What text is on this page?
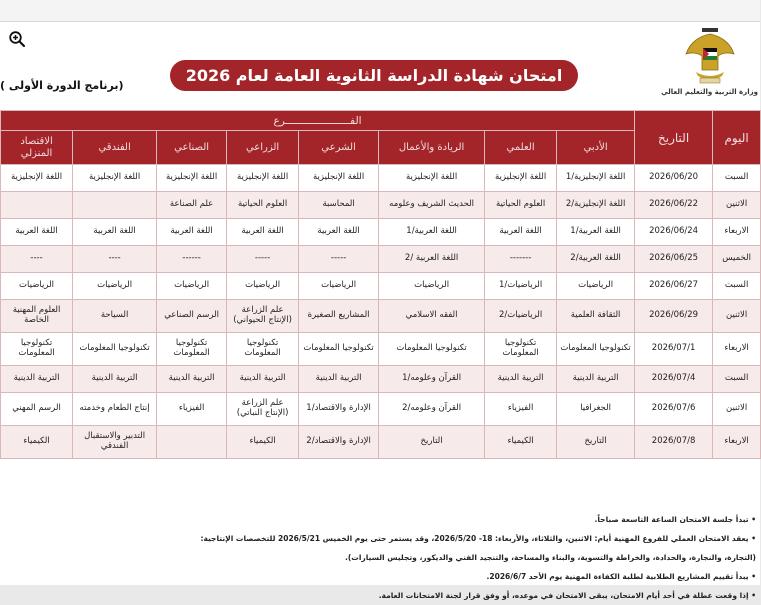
وزارة التربية والتعليم العالي
امتحان شهادة الدراسة الثانوية العامة لعام 2026
(برنامج الدورة الأولى )
اليوم	التاريخ	الفـــــــــــــــــــــرع							
		الأدبي	العلمي	الريادة والأعمال	الشرعي	الزراعي	الصناعي	الفندقي	الاقتصاد المنزلي
السبت	2026/06/20	اللغة الإنجليزية/1	اللغة الإنجليزية	اللغة الإنجليزية	اللغة الإنجليزية	اللغة الإنجليزية	اللغة الإنجليزية	اللغة الإنجليزية	اللغة الإنجليزية
الاثنين	2026/06/22	اللغة الإنجليزية/2	العلوم الحياتية	الحديث الشريف وعلومه	المحاسبة	العلوم الحياتية	علم الصناعة		
الاربعاء	2026/06/24	اللغة العربية/1	اللغة العربية	اللغة العربية/1	اللغة العربية	اللغة العربية	اللغة العربية	اللغة العربية	اللغة العربية
الخميس	2026/06/25	اللغة العربية/2	-------	اللغة العربية /2	-----	-----	------	----	----
السبت	2026/06/27	الرياضيات	الرياضيات/1	الرياضيات	الرياضيات	الرياضيات	الرياضيات	الرياضيات	الرياضيات
الاثنين	2026/06/29	الثقافة العلمية	الرياضيات/2	الفقه الاسلامي	المشاريع الصغيرة	علم الزراعة (الإنتاج الحيواني)	الرسم الصناعي	السياحة	العلوم المهنية الخاصة
الاربعاء	2026/07/1	تكنولوجيا المعلومات	تكنولوجيا المعلومات	تكنولوجيا المعلومات	تكنولوجيا المعلومات	تكنولوجيا المعلومات	تكنولوجيا المعلومات	تكنولوجيا المعلومات	تكنولوجيا المعلومات
السبت	2026/07/4	التربية الدينية	التربية الدينية	القرآن وعلومه/1	التربية الدينية	التربية الدينية	التربية الدينية	التربية الدينية	التربية الدينية
الاثنين	2026/07/6	الجغرافيا	الفيزياء	القرآن وعلومه/2	الإدارة والاقتصاد/1	علم الزراعة (الإنتاج النباتي)	الفيزياء	إنتاج الطعام وخدمته	الرسم المهني
الاربعاء	2026/07/8	التاريخ	الكيمياء	التاريخ	الإدارة والاقتصاد/2	الكيمياء		التدبير والاستقبال الفندقي	الكيمياء
• تبدأ جلسة الامتحان الساعة التاسعة صباحاً.
• يعقد الامتحان العملي للفروع المهنية أيام: الاثنين، والثلاثاء، والأربعاء: 18- 2026/5/20، وقد يستمر حتى يوم الخميس 2026/5/21 للتخصصات الإنتاجية:
(التجارة، والنجارة، والحدادة، والخراطة والتسوية، والبناء والمساحة، والتنجيد الفني والديكور، وتجليس السيارات).
• يبدأ تقييم المشاريع الطلابية لطلبة الكفاءة المهنية يوم الأحد 2026/6/7.
• إذا وقعت عطلة في أحد أيام الامتحان، يبقى الامتحان في موعده، أو وفق قرار لجنة الامتحانات العامة.
